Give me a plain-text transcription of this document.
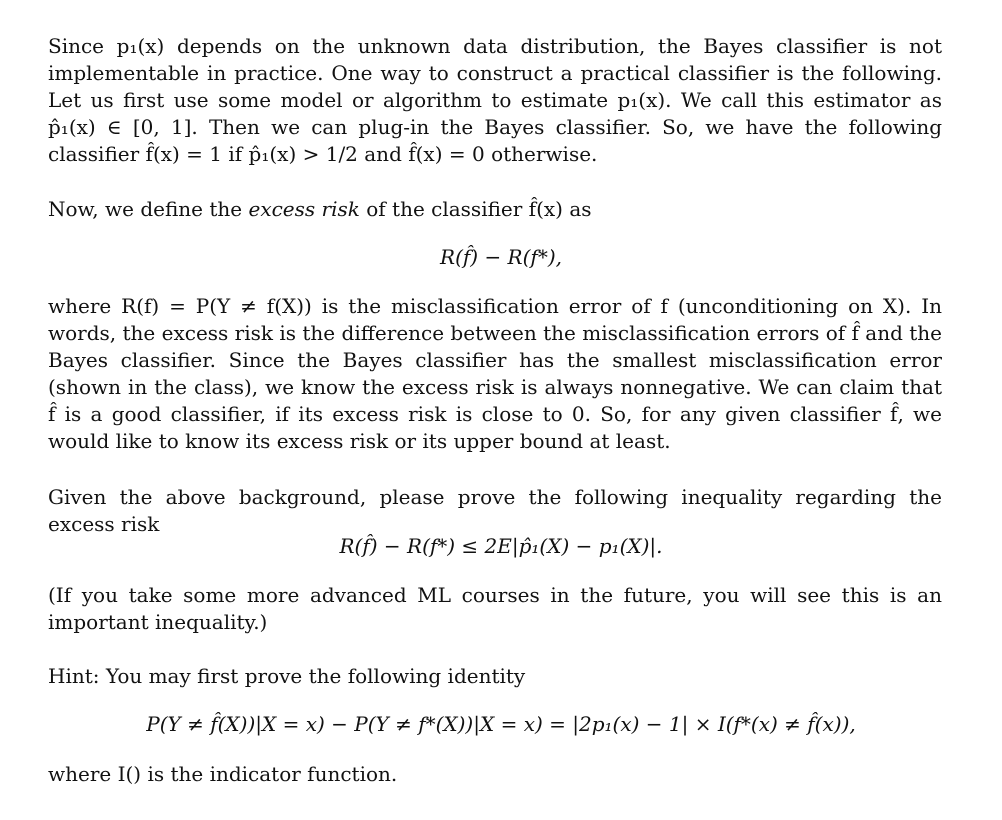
Since p₁(x) depends on the unknown data distribution, the Bayes classifier is not implementable in practice. One way to construct a practical classifier is the following. Let us first use some model or algorithm to estimate p₁(x). We call this estimator as p̂₁(x) ∈ [0, 1]. Then we can plug-in the Bayes classifier. So, we have the following classifier f̂(x) = 1 if p̂₁(x) > 1/2 and f̂(x) = 0 otherwise.

Now, we define the excess risk of the classifier f̂(x) as

R(f̂) − R(f*),

where R(f) = P(Y ≠ f(X)) is the misclassification error of f (unconditioning on X). In words, the excess risk is the difference between the misclassification errors of f̂ and the Bayes classifier. Since the Bayes classifier has the smallest misclassification error (shown in the class), we know the excess risk is always nonnegative. We can claim that f̂ is a good classifier, if its excess risk is close to 0. So, for any given classifier f̂, we would like to know its excess risk or its upper bound at least.

Given the above background, please prove the following inequality regarding the excess risk

R(f̂) − R(f*) ≤ 2E|p̂₁(X) − p₁(X)|.

(If you take some more advanced ML courses in the future, you will see this is an important inequality.)

Hint: You may first prove the following identity

P(Y ≠ f̂(X))|X = x) − P(Y ≠ f*(X))|X = x) = |2p₁(x) − 1| × I(f*(x) ≠ f̂(x)),

where I() is the indicator function.
